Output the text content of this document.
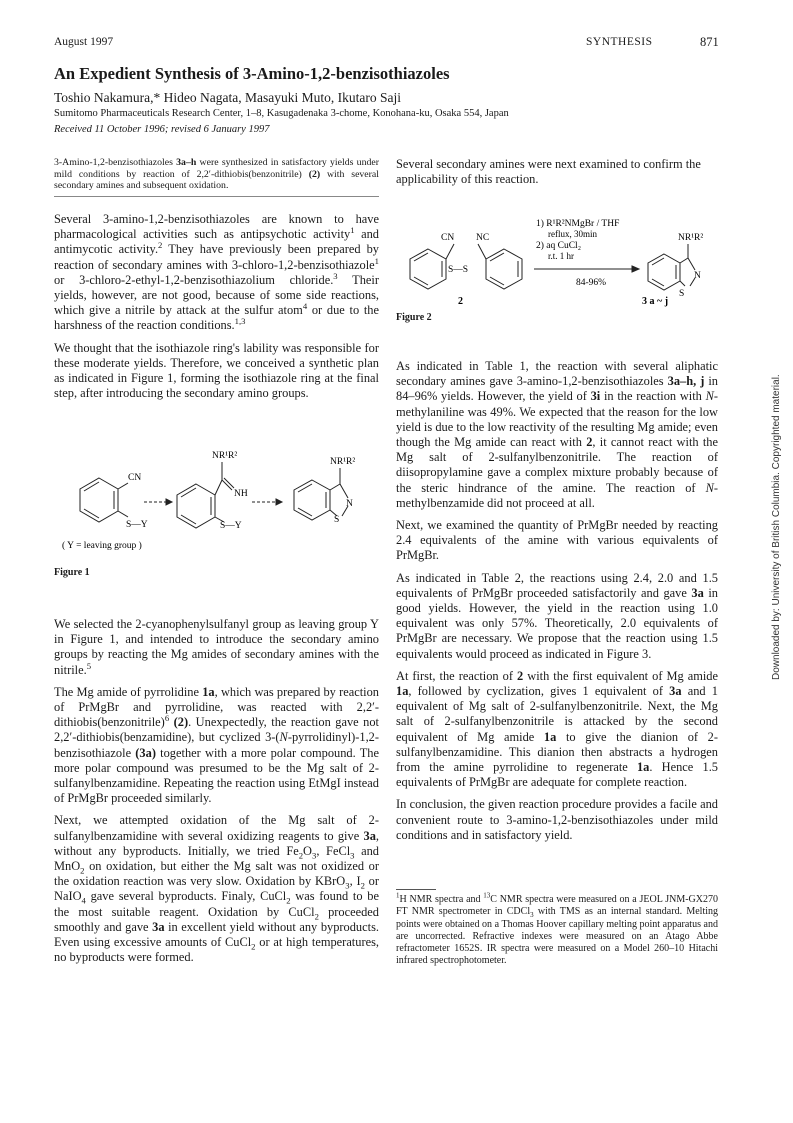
August 1997	SYNTHESIS	871
An Expedient Synthesis of 3-Amino-1,2-benzisothiazoles
Toshio Nakamura,* Hideo Nagata, Masayuki Muto, Ikutaro Saji
Sumitomo Pharmaceuticals Research Center, 1–8, Kasugadenaka 3-chome, Konohana-ku, Osaka 554, Japan
Received 11 October 1996; revised 6 January 1997
3-Amino-1,2-benzisothiazoles 3a–h were synthesized in satisfactory yields under mild conditions by reaction of 2,2′-dithiobis(benzonitrile) (2) with several secondary amines and subsequent oxidation.

Several 3-amino-1,2-benzisothiazoles are known to have pharmacological activities such as antipsychotic activity$^1$ and antimycotic activity.$^2$ They have previously been prepared by reaction of secondary amines with 3-chloro-1,2-benzisothiazole$^1$ or 3-chloro-2-ethyl-1,2-benzisothiazolium chloride.$^3$ Their yields, however, are not good, because of some side reactions, which give a nitrile by attack at the sulfur atom$^4$ or due to the harshness of the reaction conditions.$^{1,3}$

We thought that the isothiazole ring's lability was responsible for these moderate yields. Therefore, we conceived a synthetic plan as indicated in Figure 1, forming the isothiazole ring at the final step, after introducing the secondary amino groups.

CN
S—Y
NR¹R²
NH
S—Y
NR¹R²
N
S
( Y = leaving group )
Figure 1

We selected the 2-cyanophenylsulfanyl group as leaving group Y in Figure 1, and intended to introduce the secondary amino groups by reacting the Mg amides of secondary amines with the nitrile.$^5$

The Mg amide of pyrrolidine 1a, which was prepared by reaction of PrMgBr and pyrrolidine, was reacted with 2,2′-dithiobis(benzonitrile)$^6$ (2). Unexpectedly, the reaction gave not 2,2′-dithiobis(benzamidine), but cyclized 3-(N-pyrrolidinyl)-1,2-benzisothiazole (3a) together with a more polar compound. The more polar compound was presumed to be the Mg salt of 2-sulfanylbenzamidine. Repeating the reaction using EtMgI instead of PrMgBr proceeded similarly.

Next, we attempted oxidation of the Mg salt of 2-sulfanylbenzamidine with several oxidizing reagents to give 3a, without any byproducts. Initially, we tried $Fe_2O_3$, FeCl$_3$ and MnO$_2$ on oxidation, but either the Mg salt was not oxidized or the oxidation reaction was very slow. Oxidation by KBrO$_3$, $I_2$ or NaIO$_4$ gave several byproducts. Finaly, CuCl$_2$ was found to be the most suitable reagent. Oxidation by CuCl$_2$ proceeded smoothly and gave 3a in excellent yield without any byproducts. Even using excessive amounts of CuCl$_2$ or at high temperatures, no byproducts were formed.

Several secondary amines were next examined to confirm the applicability of this reaction.
CN NC
S—S
1) R¹R²NMgBr / THF
reflux, 30min
2) aq CuCl₂
r.t. 1 hr
84-96%
NR¹R²
N
S
2	3 a ~ j
Figure 2

As indicated in Table 1, the reaction with several aliphatic secondary amines gave 3-amino-1,2-benzisothiazoles 3a–h, j in 84–96% yields. However, the yield of 3i in the reaction with N-methylaniline was 49%. We expected that the reason for the low yield is due to the low reactivity of the resulting Mg amide; even though the Mg amide can react with 2, it cannot react with the Mg salt of 2-sulfanylbenzonitrile. The reaction of diisopropylamine gave a complex mixture probably because of the steric hindrance of the amine. The reaction of N-methylbenzamide did not proceed at all.

Next, we examined the quantity of PrMgBr needed by reacting 2.4 equivalents of the amine with various equivalents of PrMgBr.

As indicated in Table 2, the reactions using 2.4, 2.0 and 1.5 equivalents of PrMgBr proceeded satisfactorily and gave 3a in good yields. However, the yield in the reaction using 1.0 equivalent was only 57%. Theoretically, 2.0 equivalents of PrMgBr are necessary. We propose that the reaction using 1.5 equivalents would proceed as indicated in Figure 3.

At first, the reaction of 2 with the first equivalent of Mg amide 1a, followed by cyclization, gives 1 equivalent of 3a and 1 equivalent of Mg salt of 2-sulfanylbenzonitrile. Next, the Mg salt of 2-sulfanylbenzonitrile is attacked by the second equivalent of Mg amide 1a to give the dianion of 2-sulfanylbenzamidine. This dianion then abstracts a hydrogen from the amine pyrrolidine to regenerate 1a. Hence 1.5 equivalents of PrMgBr are adequate for complete reaction.

In conclusion, the given reaction procedure provides a facile and convenient route to 3-amino-1,2-benzisothiazoles under mild conditions and in satisfactory yield.

$^1$H NMR spectra and $^{13}$C NMR spectra were measured on a JEOL JNM-GX270 FT NMR spectrometer in CDCl$_3$ with TMS as an internal standard. Melting points were obtained on a Thomas Hoover capillary melting point apparatus and are uncorrected. Refractive indexes were measured on an Atago Abbe refractometer 1652S. IR spectra were measured on a Model 260–10 Hitachi infrared spectrophotometer.
Downloaded by: University of British Columbia. Copyrighted material.
